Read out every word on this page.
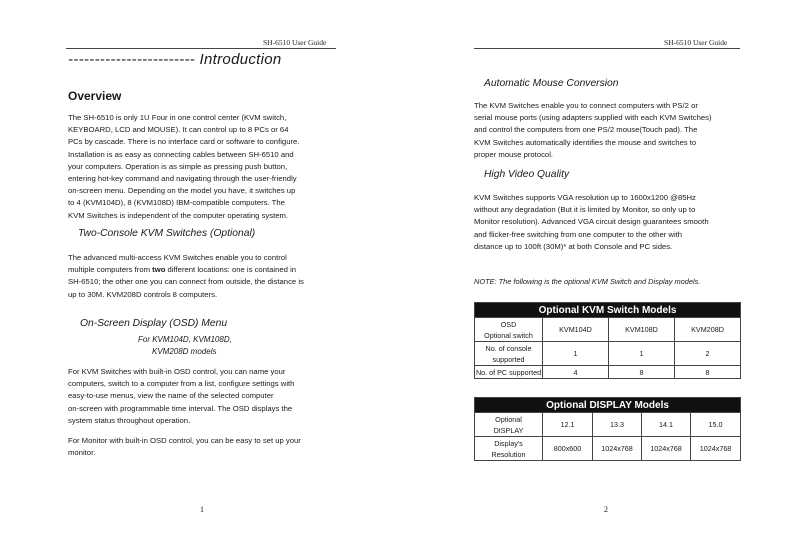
SH-6510 User Guide
------------------------ Introduction
Overview
The SH-6510 is only 1U Four in one control center (KVM switch,
KEYBOARD, LCD and MOUSE). It can control up to 8 PCs or 64
PCs by cascade. There is no interface card or software to configure.
Installation is as easy as connecting cables between SH-6510 and
your computers. Operation is as simple as pressing push button,
entering hot-key command and navigating through the user-friendly
on-screen menu. Depending on the model you have, it switches up
to 4 (KVM104D), 8 (KVM108D) IBM-compatible computers. The
KVM Switches is independent of the computer operating system.
Two-Console KVM Switches (Optional)
The advanced multi-access KVM Switches enable you to control
multiple computers from two different locations: one is contained in
SH-6510; the other one you can connect from outside, the distance is
up to 30M. KVM208D controls 8 computers.
On-Screen Display (OSD) Menu
For KVM104D, KVM108D,
KVM208D models
For KVM Switches with built-in OSD control, you can name your
computers, switch to a computer from a list, configure settings with
easy-to-use menus, view the name of the selected computer
on-screen with programmable time interval. The OSD displays the
system status throughout operation.
For Monitor with built-in OSD control, you can be easy to set up your
monitor.
1
SH-6510 User Guide
Automatic Mouse Conversion
The KVM Switches enable you to connect computers with PS/2 or
serial mouse ports (using adapters supplied with each KVM Switches)
and control the computers from one PS/2 mouse(Touch pad). The
KVM Switches automatically identifies the mouse and switches to
proper mouse protocol.
High Video Quality
KVM Switches supports VGA resolution up to 1600x1200 @85Hz
without any degradation (But it is limited by Monitor, so only up to
Monitor resolution). Advanced VGA circuit design guarantees smooth
and flicker-free switching from one computer to the other with
distance up to 100ft (30M)* at both Console and PC sides.
NOTE: The following is the optional KVM Switch and Display models.
Optional KVM Switch Models			

OSD
Optional switch	KVM104D	KVM108D	KVM208D

No. of console
supported	1	1	2

No. of PC supported	4	8	8
Optional DISPLAY Models				

Optional
DISPLAY	12.1	13.3	14.1	15.0

Display's
Resolution	800x600	1024x768	1024x768	1024x768
2
